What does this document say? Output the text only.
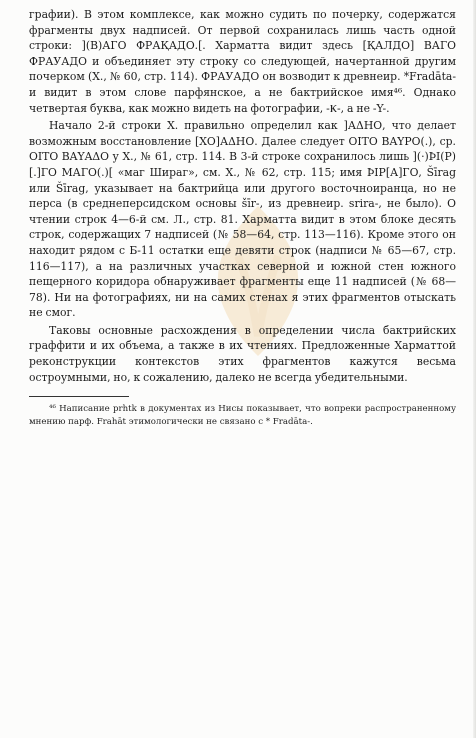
графии). В этом комплексе, как можно судить по почерку, содержатся фрагменты двух надписей. От первой сохранилась лишь часть одной строки: ](В)АГО ФРАҚАДО.[. Харматта видит здесь [ҚАЛДО] ВАГО ФРАУАДО и объединяет эту строку со следующей, начертанной другим почерком (Х., № 60, стр. 114). ФРАУАДО он возводит к древнеир. *Fradāta- и видит в этом слове парфянское, а не бактрийское имя⁴⁶. Однако четвертая буква, как можно видеть на фотографии, -Ҝ-, а не -Y-.

Начало 2-й строки Х. правильно определил как ]АΔНО, что делает возможным восстановление [ХО]АΔНО. Далее следует ΟΙΤΟ ΒΑΥΡΟ(.), ср. ΟΙΤΟ ΒΑΥΑΔΟ у Х., № 61, стр. 114. В 3-й строке сохранилось лишь ](·)ÞI(Р)[.]ГО МАГО(.)[ «маг Шираг», см. Х., № 62, стр. 115; имя ÞIР[А]ГО, Šīrag или Šīrag, указывает на бактрийца или другого восточноиранца, но не перса (в среднеперсидском основы šīr-, из древнеир. srira-, не было). О чтении строк 4—6-й см. Л., стр. 81. Харматта видит в этом блоке десять строк, содержащих 7 надписей (№ 58—64, стр. 113—116). Кроме этого он находит рядом с Б-11 остатки еще девяти строк (надписи № 65—67, стр. 116—117), а на различных участках северной и южной стен южного пещерного коридора обнаруживает фрагменты еще 11 надписей (№ 68—78). Ни на фотографиях, ни на самих стенах я этих фрагментов отыскать не смог.

Таковы основные расхождения в определении числа бактрийских граффити и их объема, а также в их чтениях. Предложенные Харматтой реконструкции контекстов этих фрагментов кажутся весьма остроумными, но, к сожалению, далеко не всегда убедительными.

⁴⁶ Написание prhtk в документах из Нисы показывает, что вопреки распространенному мнению парф. Frahāt этимологически не связано с * Fradāta-.
